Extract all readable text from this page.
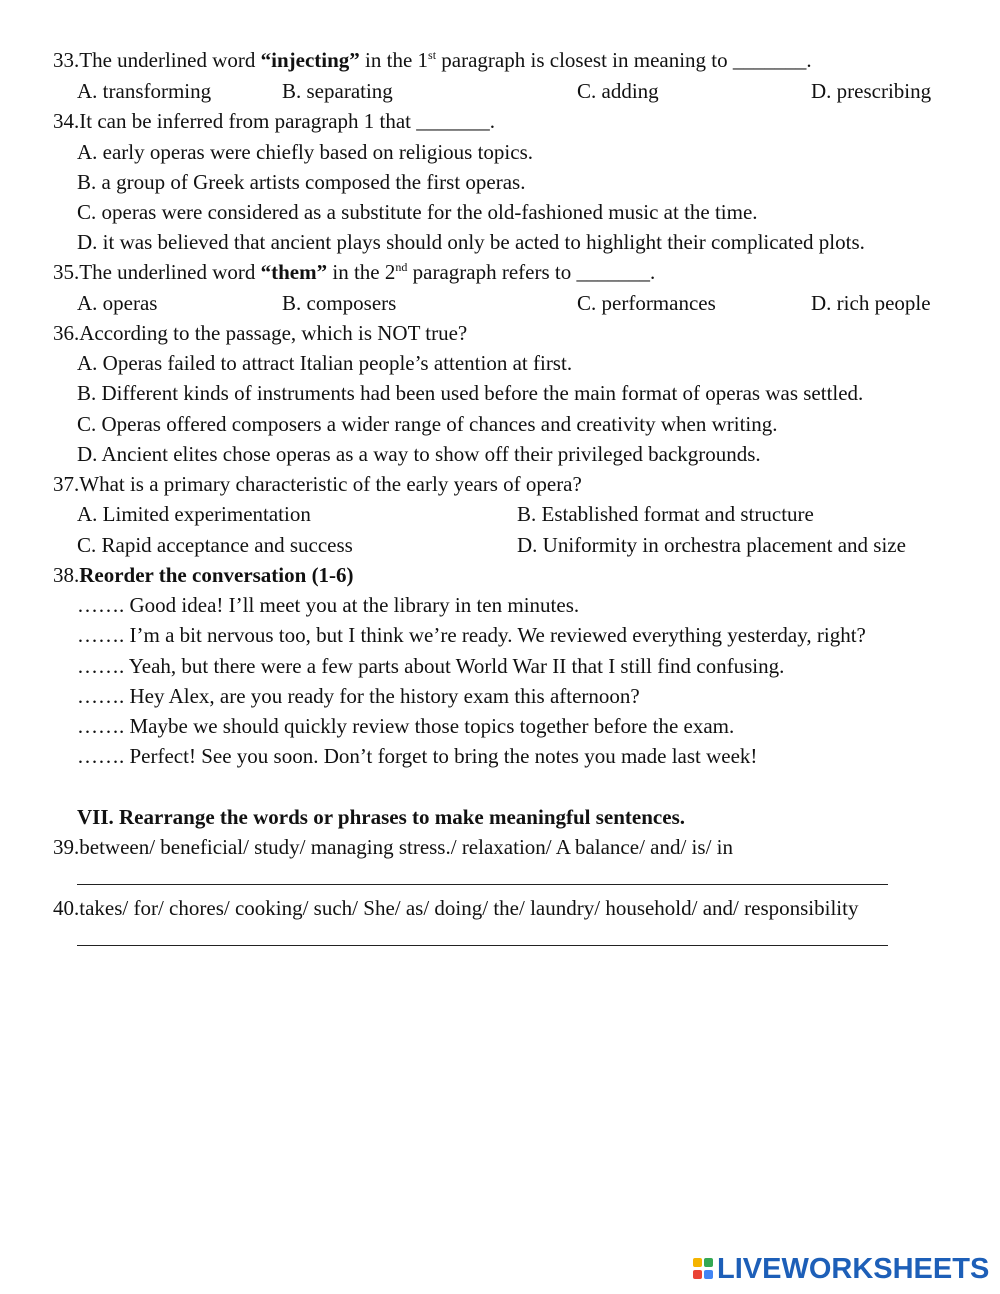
33.The underlined word “injecting” in the 1st paragraph is closest in meaning to _______.
A. transforming	B. separating	C. adding	D. prescribing
34.It can be inferred from paragraph 1 that _______.
A. early operas were chiefly based on religious topics.
B. a group of Greek artists composed the first operas.
C. operas were considered as a substitute for the old-fashioned music at the time.
D. it was believed that ancient plays should only be acted to highlight their complicated plots.
35.The underlined word “them” in the 2nd paragraph refers to _______.
A. operas	B. composers	C. performances	D. rich people
36.According to the passage, which is NOT true?
A. Operas failed to attract Italian people’s attention at first.
B. Different kinds of instruments had been used before the main format of operas was settled.
C. Operas offered composers a wider range of chances and creativity when writing.
D. Ancient elites chose operas as a way to show off their privileged backgrounds.
37.What is a primary characteristic of the early years of opera?
A. Limited experimentation	B. Established format and structure
C. Rapid acceptance and success	D. Uniformity in orchestra placement and size
38.Reorder the conversation (1-6)
……. Good idea! I’ll meet you at the library in ten minutes.
……. I’m a bit nervous too, but I think we’re ready. We reviewed everything yesterday, right?
……. Yeah, but there were a few parts about World War II that I still find confusing.
……. Hey Alex, are you ready for the history exam this afternoon?
……. Maybe we should quickly review those topics together before the exam.
……. Perfect! See you soon. Don’t forget to bring the notes you made last week!
VII. Rearrange the words or phrases to make meaningful sentences.
39.between/ beneficial/ study/ managing stress./ relaxation/ A balance/ and/ is/ in
40.takes/ for/ chores/ cooking/ such/ She/ as/ doing/ the/ laundry/ household/ and/ responsibility
LIVEWORKSHEETS
